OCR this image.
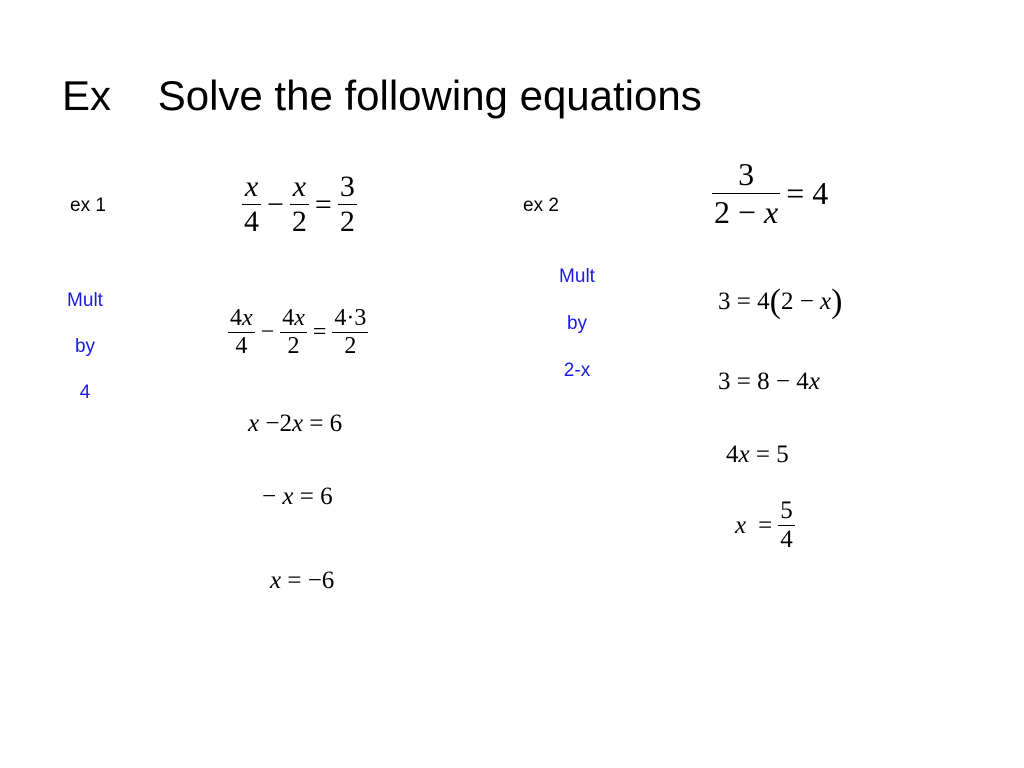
Ex Solve the following equations
ex 1
Mult
by
4
$\frac{x}{4} - \frac{x}{2} = \frac{3}{2}$
$\frac{4x}{4} - \frac{4x}{2} = \frac{4\cdot 3}{2}$
x −2x = 6
− x = 6
x = −6
ex 2
Mult
by
2-x
$\frac{3}{2 - x} = 4$
3 = 4(2 − x)
3 = 8 − 4x
4x = 5
$x = \frac{5}{4}$
